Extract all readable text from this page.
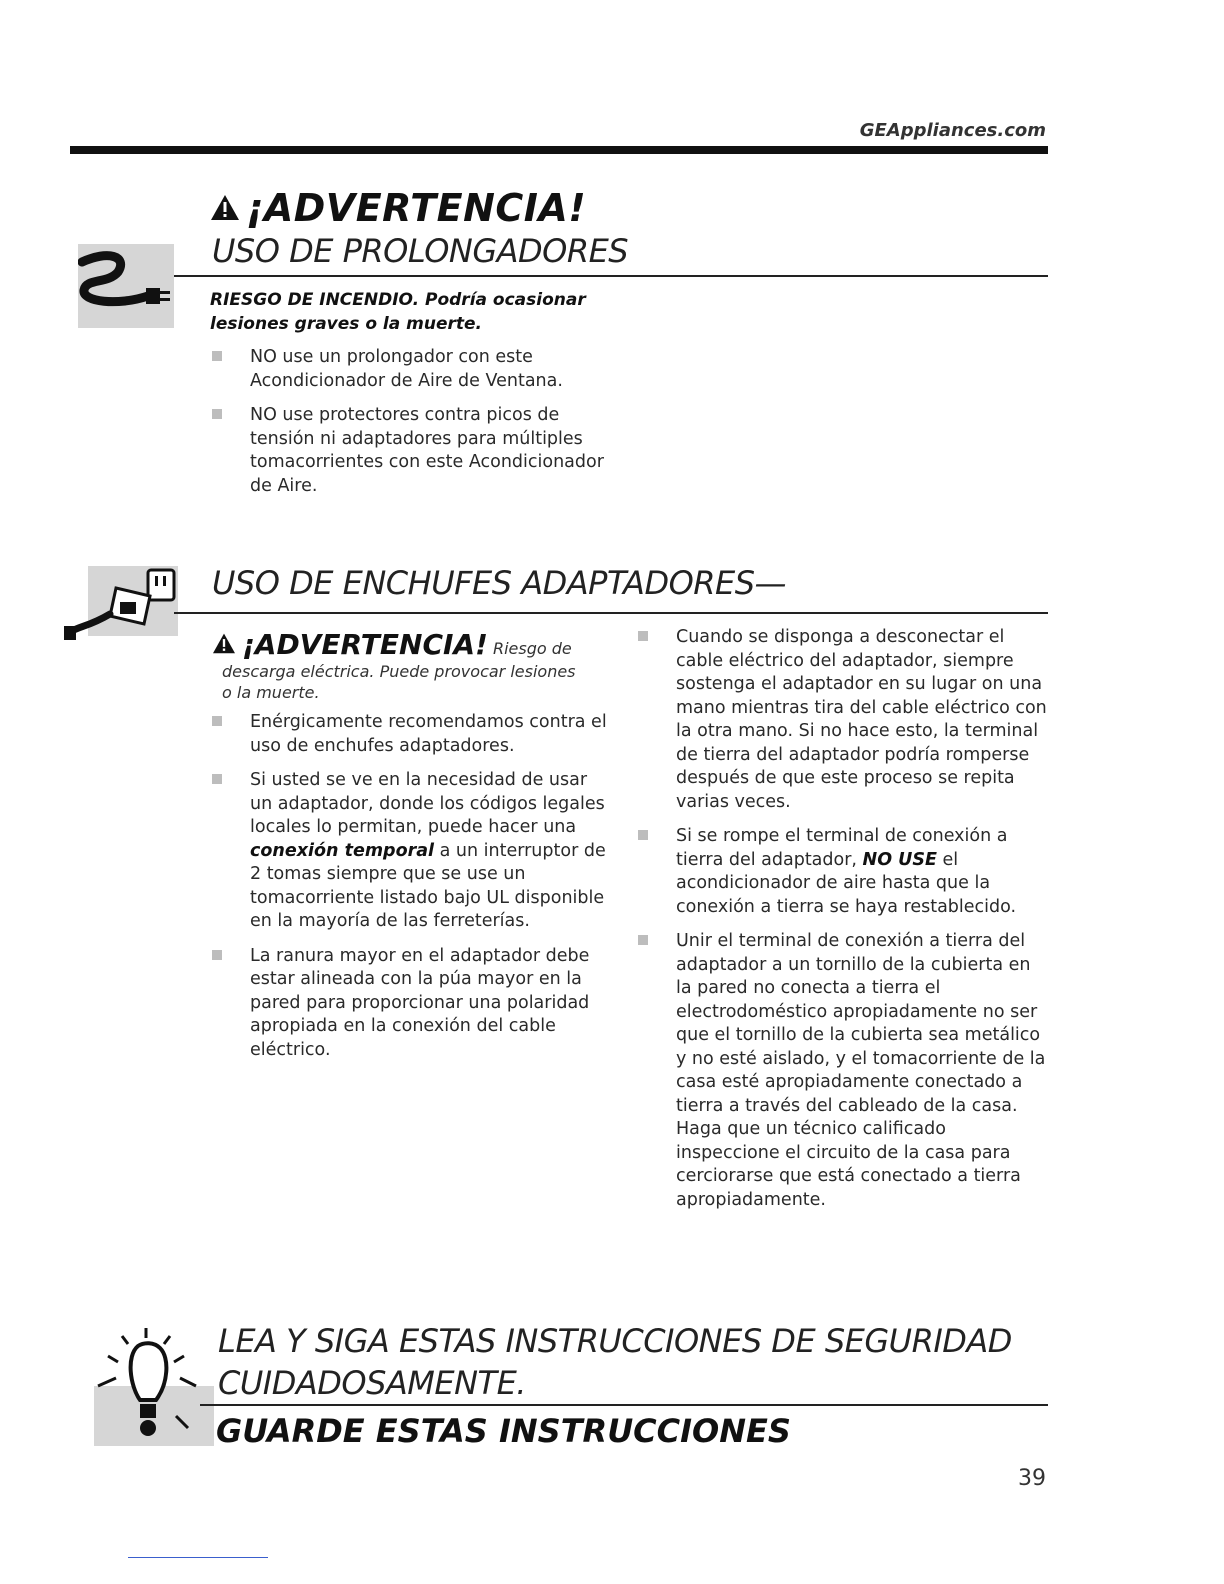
GEAppliances.com
¡ADVERTENCIA!
USO DE PROLONGADORES
RIESGO DE INCENDIO. Podría ocasionar
lesiones graves o la muerte.
NO use un prolongador con este Acondicionador de Aire de Ventana.
NO use protectores contra picos de tensión ni adaptadores para múltiples tomacorrientes con este Acondicionador de Aire.
USO DE ENCHUFES ADAPTADORES—
¡ADVERTENCIA! Riesgo de
descarga eléctrica. Puede provocar lesiones
o la muerte.
Enérgicamente recomendamos contra el uso de enchufes adaptadores.
Si usted se ve en la necesidad de usar un adaptador, donde los códigos legales locales lo permitan, puede hacer una conexión temporal a un interruptor de 2 tomas siempre que se use un tomacorriente listado bajo UL disponible en la mayoría de las ferreterías.
La ranura mayor en el adaptador debe estar alineada con la púa mayor en la pared para proporcionar una polaridad apropiada en la conexión del cable eléctrico.
Cuando se disponga a desconectar el cable eléctrico del adaptador, siempre sostenga el adaptador en su lugar on una mano mientras tira del cable eléctrico con la otra mano. Si no hace esto, la terminal de tierra del adaptador podría romperse después de que este proceso se repita varias veces.
Si se rompe el terminal de conexión a tierra del adaptador, NO USE el acondicionador de aire hasta que la conexión a tierra se haya restablecido.
Unir el terminal de conexión a tierra del adaptador a un tornillo de la cubierta en la pared no conecta a tierra el electrodoméstico apropiadamente no ser que el tornillo de la cubierta sea metálico y no esté aislado, y el tomacorriente de la casa esté apropiadamente conectado a tierra a través del cableado de la casa. Haga que un técnico calificado inspeccione el circuito de la casa para cerciorarse que está conectado a tierra apropiadamente.
LEA Y SIGA ESTAS INSTRUCCIONES DE SEGURIDAD
CUIDADOSAMENTE.
GUARDE ESTAS INSTRUCCIONES
39
